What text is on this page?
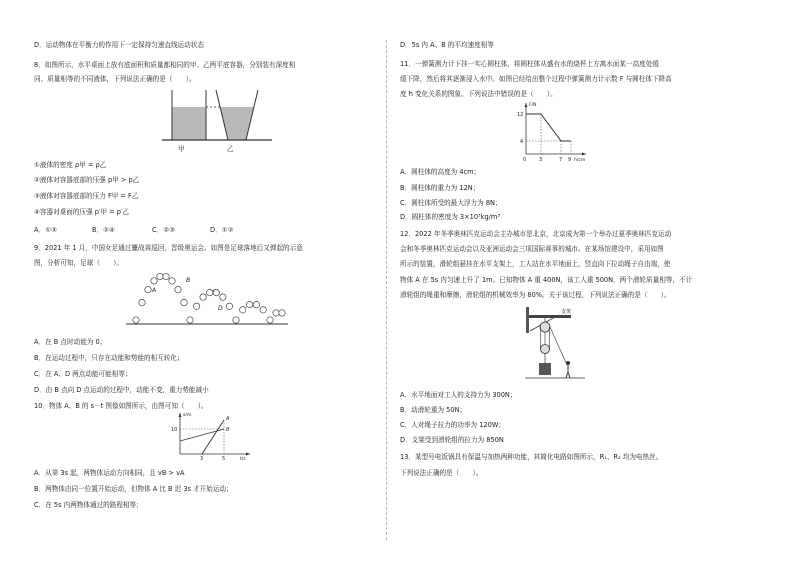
D．运动物体在平衡力的作用下一定保持匀速直线运动状态
8．如图所示，水平桌面上放有底面积和质量都相同的甲、乙两平底容器，分别装有深度相
同、质量相等的不同液体，下列说法正确的是（　　）。
甲	乙
①液体的密度 ρ甲 = ρ乙
②液体对容器底部的压强 p甲 > p乙
③液体对容器底部的压力 F甲 = F乙
④容器对桌面的压强 p′甲 = p′乙
A．①③	B．②④	C．②③	D．①②
9．2021 年 1 月，中国女足通过鏖战赛巡回，晋级奥运会。如图是足球落地后又弹起的示意
图，分析可知，足球（　　）。
A
B
D
A．在 B 点时动能为 0；
B．在运动过程中，只存在动能和势能的相互转化；
C．在 A、D 两点动能可能相等；
D．由 B 点向 D 点运动的过程中，动能不变，重力势能减小
10．物体 A、B 的 s－t 图像如图所示，由图可知（　　）。
s/m
t/s
10
3	5
A
B
A．从第 3s 起，两物体运动方向相同，且 vB > vA
B．两物体由同一位置开始运动，但物体 A 比 B 迟 3s 才开始运动；
C．在 5s 内两物体通过的路程相等；
D．5s 内 A、B 的平均速度相等
11．一弹簧测力计下挂一实心圆柱体，将圆柱体从盛有水的烧杯上方离水面某一高度处缓
缓下降，然后将其逐渐浸入水中。如图已经给出整个过程中弹簧测力计示数 F 与圆柱体下降高
度 h 变化关系的图象。下列说法中错误的是（　　）。
F/N
h/cm
12
4
0	3	7 9
A．圆柱体的高度为 4cm；
B．圆柱体的重力为 12N；
C．圆柱体所受的最大浮力为 8N；
D．圆柱体的密度为 3×10³kg/m³
12．2022 年冬季奥林匹克运动会主办城市是北京，北京成为第一个举办过夏季奥林匹克运动
会和冬季奥林匹克运动会以及亚洲运动会三项国际赛事的城市。在某场馆建设中，采用如图
所示的装置，滑轮组悬挂在水平支架上，工人站在水平地面上，竖直向下拉动绳子自由端，使
物体 A 在 5s 内匀速上升了 1m。已知物体 A 重 400N，该工人重 500N，两个滑轮质量相等，不计
滑轮组的绳重和摩擦，滑轮组的机械效率为 80%。关于该过程，下列说法正确的是（　　）。
支架
A．水平地面对工人的支持力为 300N；
B．动滑轮重为 50N；
C．人对绳子拉力的功率为 120W；
D．支架受到滑轮组的拉力为 850N
13．某型号电饭锅具有保温与加热两种功能，其简化电路如图所示，R₁、R₂ 均为电热丝。
下列说法正确的是（　　）。
